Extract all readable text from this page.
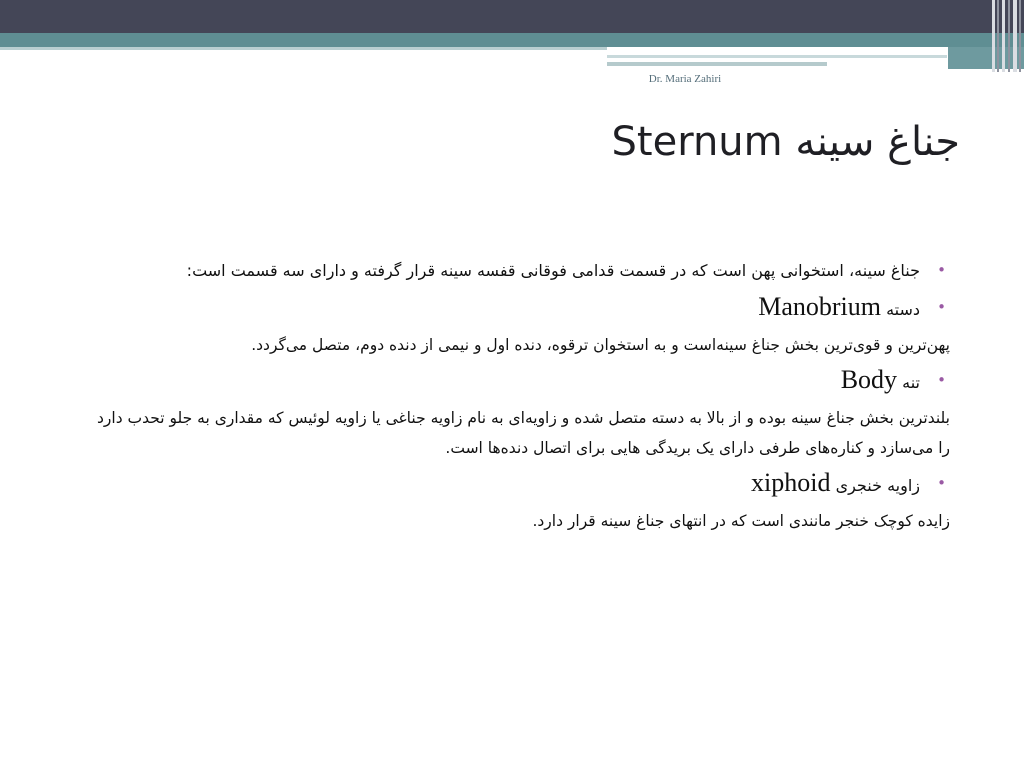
Dr. Maria Zahiri
جناغ سینه Sternum
•
جناغ سینه، استخوانی پهن است که در قسمت قدامی فوقانی قفسه سینه قرار گرفته و دارای سه قسمت است:
•
دسته Manobrium
پهن‌ترین و قوی‌ترین بخش جناغ سینه‌است و به استخوان ترقوه، دنده اول و نیمی از دنده دوم، متصل می‌گردد.
•
تنه Body
بلندترین بخش جناغ سینه بوده و از بالا به دسته متصل شده و زاویه‌ای به نام زاویه جناغی یا زاویه لوئیس که مقداری به جلو تحدب دارد را می‌سازد و کناره‌های طرفی دارای یک بریدگی هایی برای اتصال دنده‌ها است.
•
زاویه خنجری xiphoid
زایده کوچک خنجر مانندی است که در انتهای جناغ سینه قرار دارد.
